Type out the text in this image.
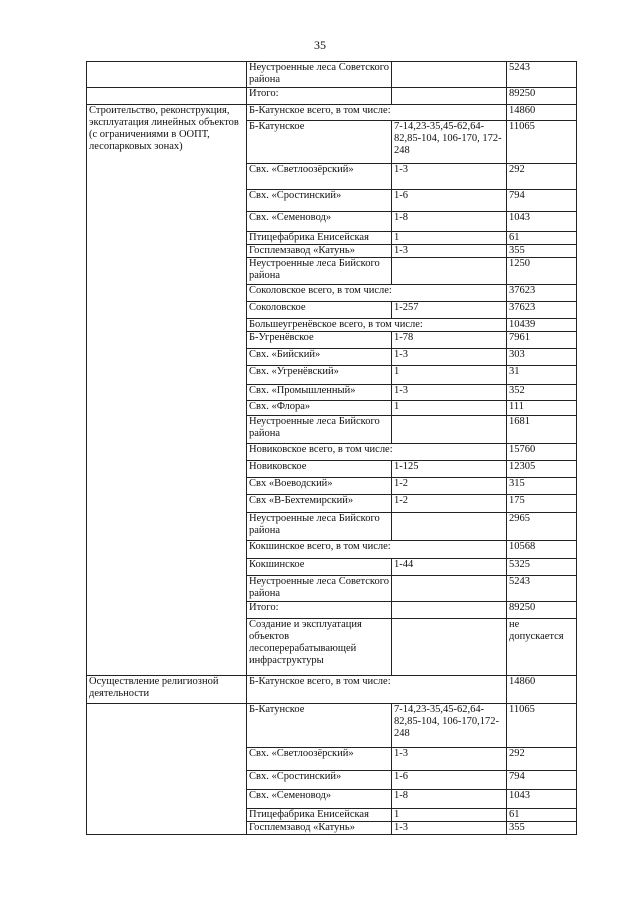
35
	Неустроенные леса Советского района		5243	
	Итого:		89250	
Строительство, реконструкция, эксплуатация линейных объектов (с ограничениями в ООПТ, лесопарковых зонах)	Б-Катунское всего, в том числе:		14860	
	Б-Катунское	7-14,23-35,45-62,64-82,85-104, 106-170, 172-248	11065	
	Свх. «Светлоозёрский»	1-3	292	
	Свх. «Сростинский»	1-6	794	
	Свх. «Семеновод»	1-8	1043	
	Птицефабрика Енисейская	1	61	
	Госплемзавод «Катунь»	1-3	355	
	Неустроенные леса Бийского района		1250	
	Соколовское всего, в том числе:		37623	
	Соколовское	1-257	37623	
	Большеугренёвское всего, в том числе:		10439	
	Б-Угренёвское	1-78	7961	
	Свх. «Бийский»	1-3	303	
	Свх. «Угренёвский»	1	31	
	Свх. «Промышленный»	1-3	352	
	Свх. «Флора»	1	111	
	Неустроенные леса Бийского района		1681	
	Новиковское всего, в том числе:		15760	
	Новиковское	1-125	12305	
	Свх «Воеводский»	1-2	315	
	Свх «В-Бехтемирский»	1-2	175	
	Неустроенные леса Бийского района		2965	
	Кокшинское всего, в том числе:		10568	
	Кокшинское	1-44	5325	
	Неустроенные леса Советского района		5243	
	Итого:		89250	
	Создание и эксплуатация объектов лесоперерабатывающей инфраструктуры		не допускается	
Осуществление религиозной деятельности	Б-Катунское всего, в том числе:		14860	
	Б-Катунское	7-14,23-35,45-62,64-82,85-104, 106-170,172-248	11065	
	Свх. «Светлоозёрский»	1-3	292	
	Свх. «Сростинский»	1-6	794	
	Свх. «Семеновод»	1-8	1043	
	Птицефабрика Енисейская	1	61	
	Госплемзавод «Катунь»	1-3	355	
